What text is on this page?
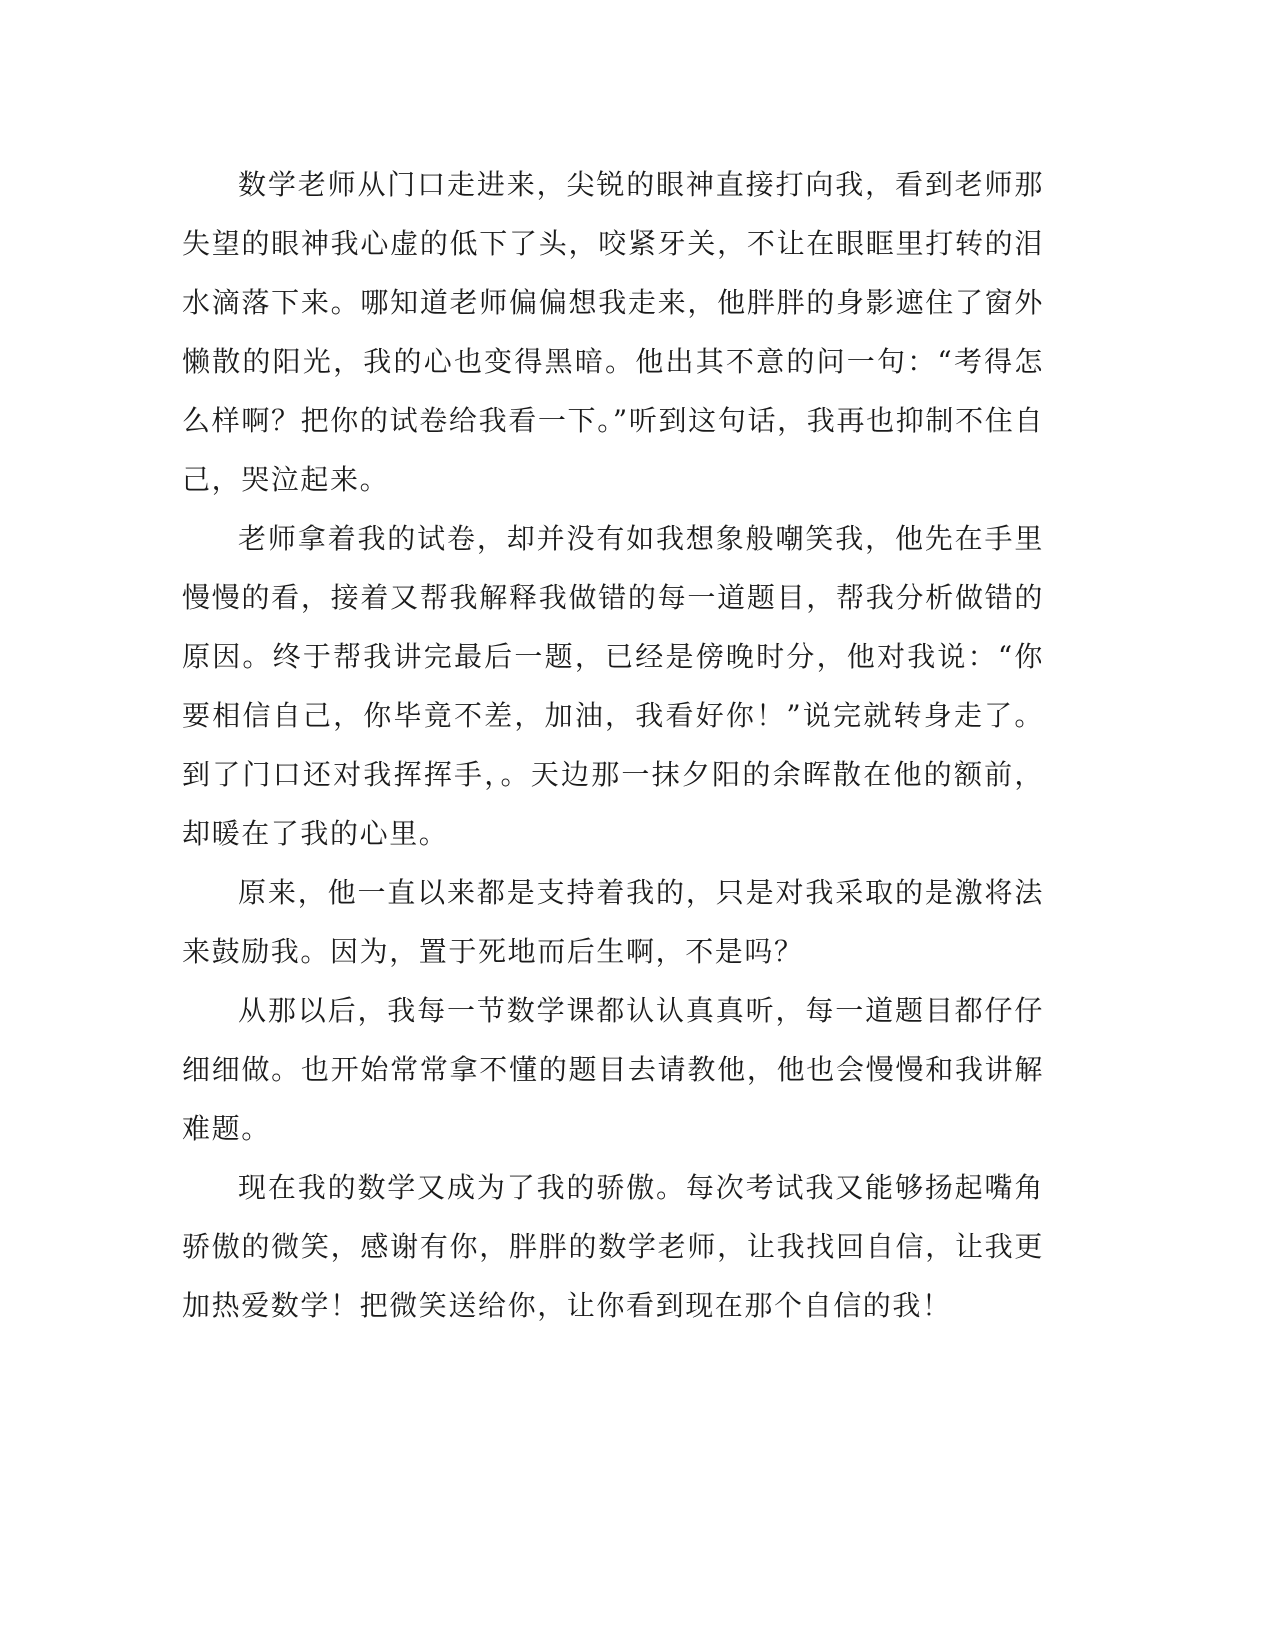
数学老师从门口走进来，尖锐的眼神直接打向我，看到老师那失望的眼神我心虚的低下了头，咬紧牙关，不让在眼眶里打转的泪水滴落下来。哪知道老师偏偏想我走来，他胖胖的身影遮住了窗外懒散的阳光，我的心也变得黑暗。他出其不意的问一句：“考得怎么样啊？把你的试卷给我看一下。”听到这句话，我再也抑制不住自己，哭泣起来。

老师拿着我的试卷，却并没有如我想象般嘲笑我，他先在手里慢慢的看，接着又帮我解释我做错的每一道题目，帮我分析做错的原因。终于帮我讲完最后一题，已经是傍晚时分，他对我说：“你要相信自己，你毕竟不差，加油，我看好你！”说完就转身走了。到了门口还对我挥挥手，。天边那一抹夕阳的余晖散在他的额前，却暖在了我的心里。

原来，他一直以来都是支持着我的，只是对我采取的是激将法来鼓励我。因为，置于死地而后生啊，不是吗？

从那以后，我每一节数学课都认认真真听，每一道题目都仔仔细细做。也开始常常拿不懂的题目去请教他，他也会慢慢和我讲解难题。

现在我的数学又成为了我的骄傲。每次考试我又能够扬起嘴角骄傲的微笑，感谢有你，胖胖的数学老师，让我找回自信，让我更加热爱数学！把微笑送给你，让你看到现在那个自信的我！
